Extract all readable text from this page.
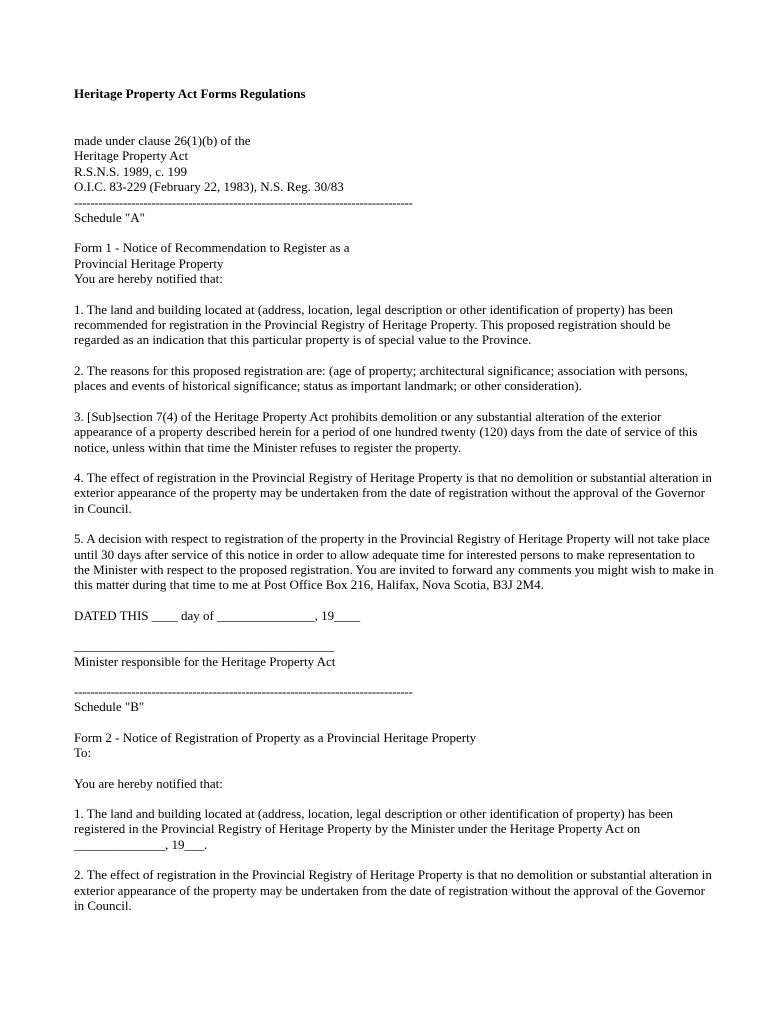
Heritage Property Act Forms Regulations

made under clause 26(1)(b) of the

Heritage Property Act

R.S.N.S. 1989, c. 199

O.I.C. 83-229 (February 22, 1983), N.S. Reg. 30/83

-----------------------------------------------------------------------------------

Schedule "A"

Form 1 - Notice of Recommendation to Register as a

Provincial Heritage Property

You are hereby notified that:

1. The land and building located at (address, location, legal description or other identification of property) has been recommended for registration in the Provincial Registry of Heritage Property. This proposed registration should be regarded as an indication that this particular property is of special value to the Province.

2. The reasons for this proposed registration are: (age of property; architectural significance; association with persons, places and events of historical significance; status as important landmark; or other consideration).

3. [Sub]section 7(4) of the Heritage Property Act prohibits demolition or any substantial alteration of the exterior appearance of a property described herein for a period of one hundred twenty (120) days from the date of service of this notice, unless within that time the Minister refuses to register the property.

4. The effect of registration in the Provincial Registry of Heritage Property is that no demolition or substantial alteration in exterior appearance of the property may be undertaken from the date of registration without the approval of the Governor in Council.

5. A decision with respect to registration of the property in the Provincial Registry of Heritage Property will not take place until 30 days after service of this notice in order to allow adequate time for interested persons to make representation to the Minister with respect to the proposed registration. You are invited to forward any comments you might wish to make in this matter during that time to me at Post Office Box 216, Halifax, Nova Scotia, B3J 2M4.

DATED THIS ____ day of _______________, 19____

________________________________________

Minister responsible for the Heritage Property Act

-----------------------------------------------------------------------------------

Schedule "B"

Form 2 - Notice of Registration of Property as a Provincial Heritage Property

To:

You are hereby notified that:

1. The land and building located at (address, location, legal description or other identification of property) has been registered in the Provincial Registry of Heritage Property by the Minister under the Heritage Property Act on ______________, 19___.

2. The effect of registration in the Provincial Registry of Heritage Property is that no demolition or substantial alteration in exterior appearance of the property may be undertaken from the date of registration without the approval of the Governor in Council.
